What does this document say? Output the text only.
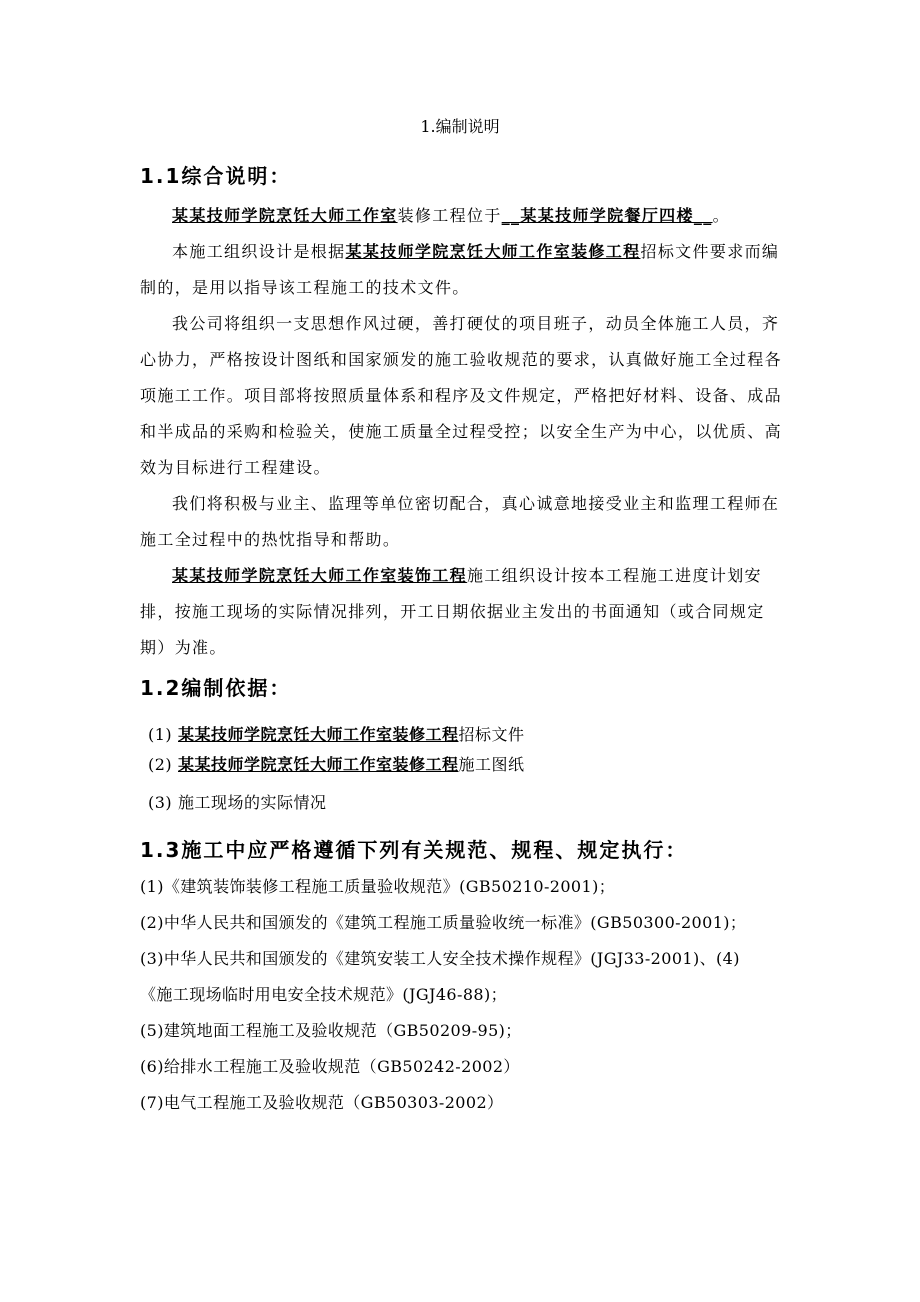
1.编制说明
1.1综合说明：
某某技师学院烹饪大师工作室装修工程位于__某某技师学院餐厅四楼__。
本施工组织设计是根据某某技师学院烹饪大师工作室装修工程招标文件要求而编制的，是用以指导该工程施工的技术文件。
我公司将组织一支思想作风过硬，善打硬仗的项目班子，动员全体施工人员，齐心协力，严格按设计图纸和国家颁发的施工验收规范的要求，认真做好施工全过程各项施工工作。项目部将按照质量体系和程序及文件规定，严格把好材料、设备、成品和半成品的采购和检验关，使施工质量全过程受控；以安全生产为中心，以优质、高效为目标进行工程建设。
我们将积极与业主、监理等单位密切配合，真心诚意地接受业主和监理工程师在施工全过程中的热忱指导和帮助。
某某技师学院烹饪大师工作室装饰工程施工组织设计按本工程施工进度计划安排，按施工现场的实际情况排列，开工日期依据业主发出的书面通知（或合同规定期）为准。
1.2编制依据：
(1) 某某技师学院烹饪大师工作室装修工程招标文件
(2) 某某技师学院烹饪大师工作室装修工程施工图纸
(3) 施工现场的实际情况
1.3施工中应严格遵循下列有关规范、规程、规定执行：
(1)《建筑装饰装修工程施工质量验收规范》(GB50210-2001)；
(2)中华人民共和国颁发的《建筑工程施工质量验收统一标准》(GB50300-2001)；
(3)中华人民共和国颁发的《建筑安装工人安全技术操作规程》(JGJ33-2001)、(4)
《施工现场临时用电安全技术规范》(JGJ46-88)；
(5)建筑地面工程施工及验收规范（GB50209-95)；
(6)给排水工程施工及验收规范（GB50242-2002）
(7)电气工程施工及验收规范（GB50303-2002）
